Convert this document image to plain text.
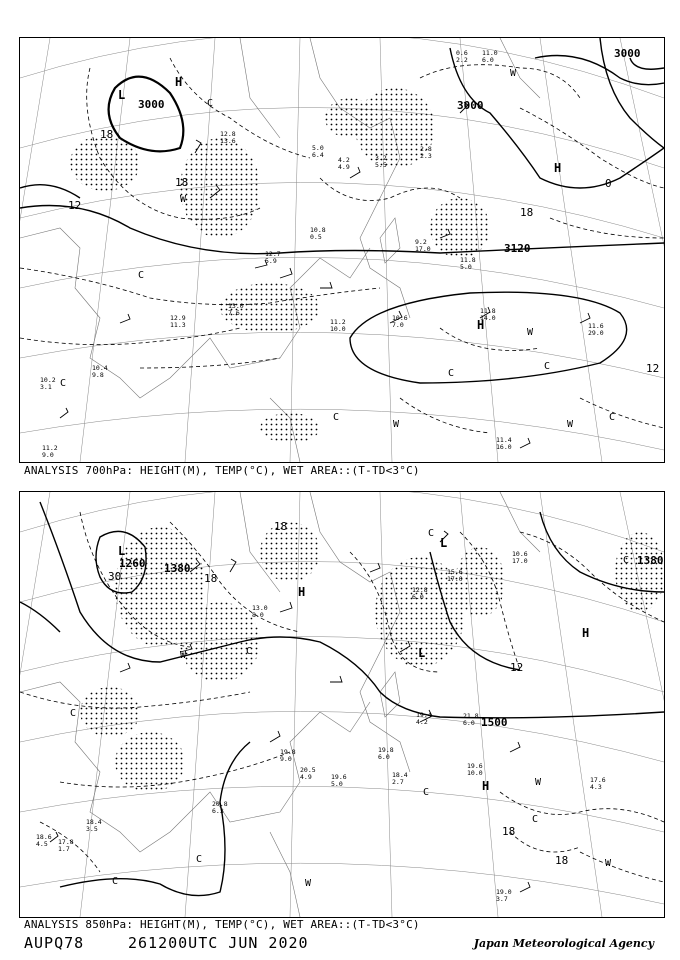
3000	3000
3000
3120
L
H
H
H
18
18
12
0
12
18
C
C
C
C
C
C
C
W
W
W	W
W
10.4
9.8
10.8
0.5
11.8
14.0
11.6
29.0
10.6
7.0
11.4
16.0
12.7
5.9
9.2
17.0
11.8
5.0
0.6
2.2
11.0
6.0
2.8
2.3
3.2
5.5
4.2
4.9
5.0
6.4
12.9
11.3	11.2
10.0
13.0
7.6
11.2
9.0
10.2
3.1
12.8
13.6
ANALYSIS 700hPa: HEIGHT(M), TEMP(°C), WET AREA::(T-TD<3°C)
1260 1380
1500
1380
L
H
L
L
H
H
30
18
12
18
18
18
C
C
C
C
C
C
C
C
W
W
W
W
19.6
10.0
18.4
2.7
19.8
6.0
17.6
4.3
19.0
3.7
20.8
6.3
19.6
5.0
20.5
4.9
21.8
6.0
19.4
4.2
15.6
17.0
12.8
6.0
10.6
17.0
18.6
4.5 17.8
1.7
18.4
3.5
19.8
9.0
13.0
8.0
ANALYSIS 850hPa: HEIGHT(M), TEMP(°C), WET AREA::(T-TD<3°C)
AUPQ78	261200UTC JUN 2020	Japan Meteorological Agency
